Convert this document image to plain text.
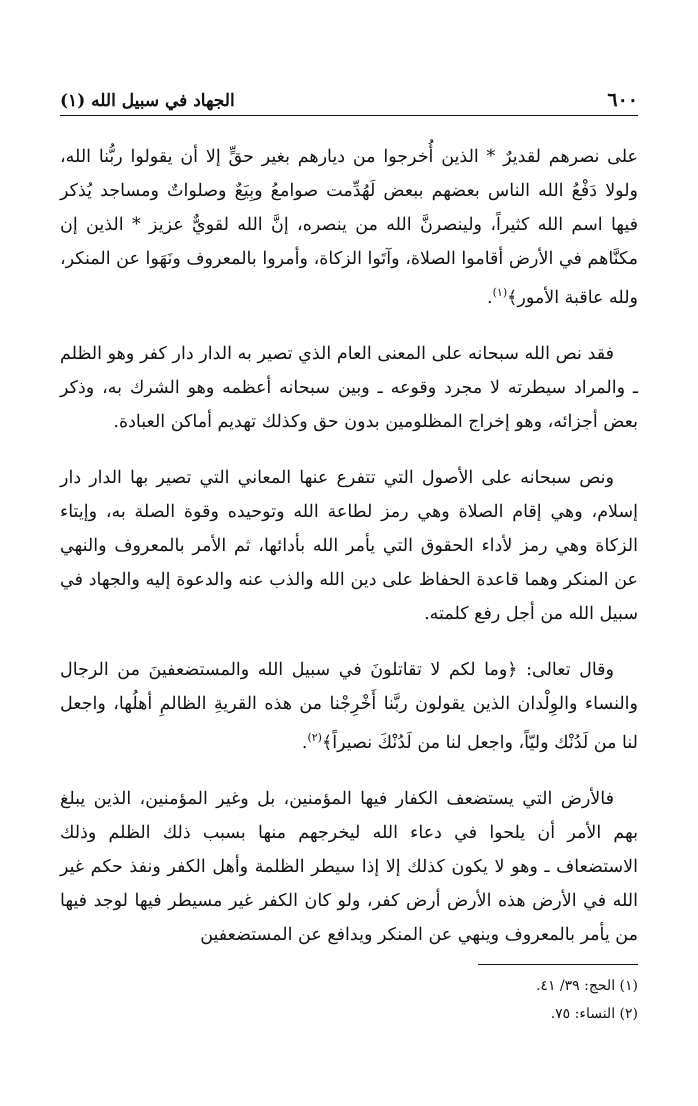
٦٠٠
الجهاد في سبيل الله (١)

على نصرهم لقديرٌ * الذين أُخرجوا من ديارهم بغير حقٍّ إلا أن يقولوا ربُّنا الله، ولولا دَفْعُ الله الناس بعضهم ببعض لَهُدِّمت صوامعُ وبِيَعٌ وصلواتٌ ومساجد يُذكر فيها اسم الله كثيراً، ولينصرنَّ الله من ينصره، إنَّ الله لقويٌّ عزيز * الذين إن مكنَّاهم في الأرض أقاموا الصلاة، وآتَوا الزكاة، وأمروا بالمعروف ونَهَوا عن المنكر، ولله عاقبة الأمور﴾$^{(١)}$.

فقد نص الله سبحانه على المعنى العام الذي تصير به الدار دار كفر وهو الظلم ـ والمراد سيطرته لا مجرد وقوعه ـ وبين سبحانه أعظمه وهو الشرك به، وذكر بعض أجزائه، وهو إخراج المظلومين بدون حق وكذلك تهديم أماكن العبادة.

ونص سبحانه على الأصول التي تتفرع عنها المعاني التي تصير بها الدار دار إسلام، وهي إقام الصلاة وهي رمز لطاعة الله وتوحيده وقوة الصلة به، وإيتاء الزكاة وهي رمز لأداء الحقوق التي يأمر الله بأدائها، ثم الأمر بالمعروف والنهي عن المنكر وهما قاعدة الحفاظ على دين الله والذب عنه والدعوة إليه والجهاد في سبيل الله من أجل رفع كلمته.

وقال تعالى: ﴿وما لكم لا تقاتلونَ في سبيل الله والمستضعفينَ من الرجال والنساء والوِلْدان الذين يقولون ربَّنا أَخْرِجْنا من هذه القريةِ الظالمِ أهلُها، واجعل لنا من لَدُنْك وليّاً، واجعل لنا من لَدُنْكَ نصيراً﴾$^{(٢)}$.

فالأرض التي يستضعف الكفار فيها المؤمنين، بل وغير المؤمنين، الذين يبلغ بهم الأمر أن يلحوا في دعاء الله ليخرجهم منها بسبب ذلك الظلم وذلك الاستضعاف ـ وهو لا يكون كذلك إلا إذا سيطر الظلمة وأهل الكفر ونفذ حكم غير الله في الأرض هذه الأرض أرض كفر، ولو كان الكفر غير مسيطر فيها لوجد فيها من يأمر بالمعروف وينهي عن المنكر ويدافع عن المستضعفين

(١) الحج: ٣٩/ ٤١.
(٢) النساء: ٧٥.
